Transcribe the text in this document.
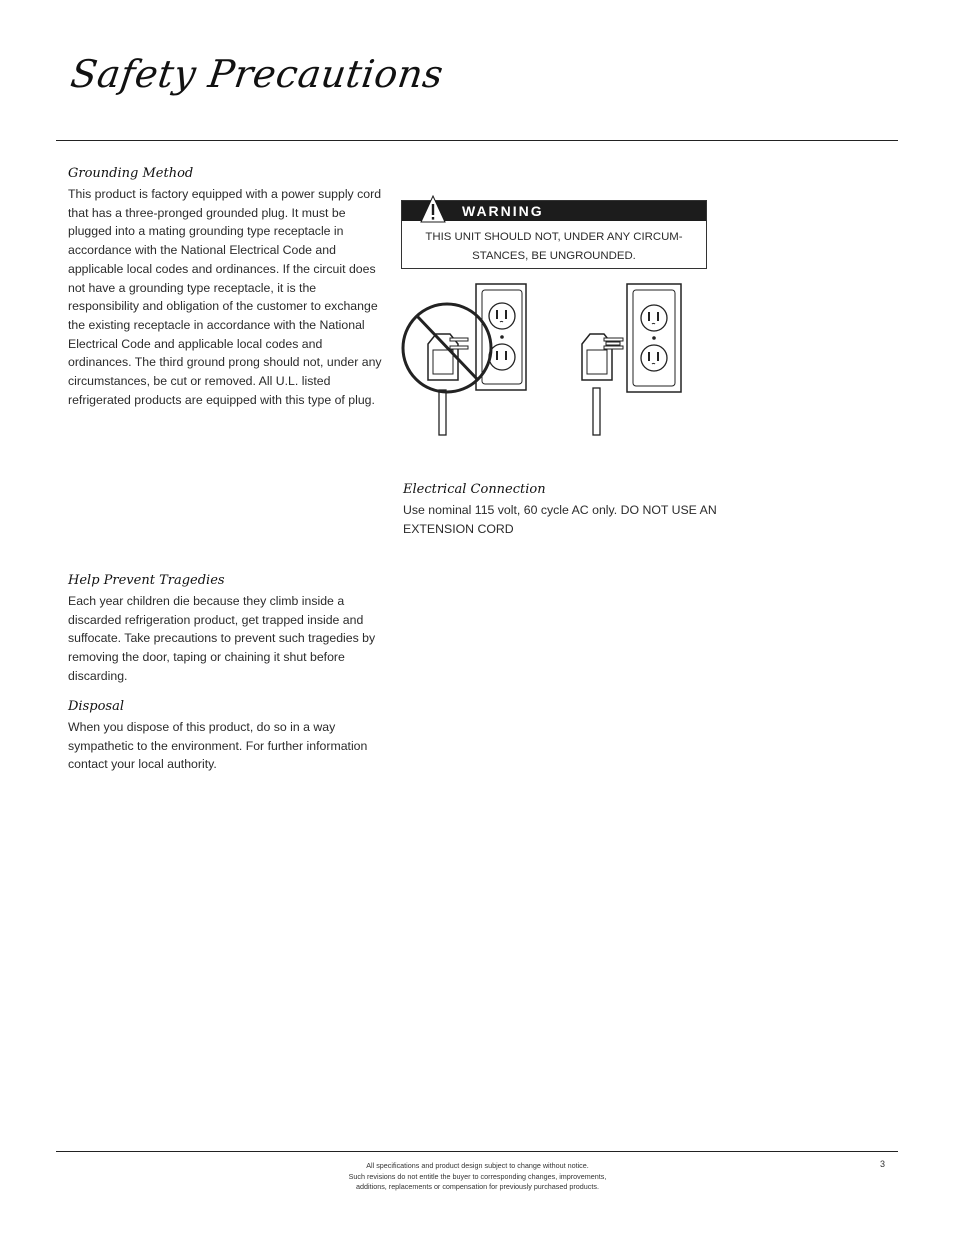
Safety Precautions

Grounding Method

This product is factory equipped with a power supply cord that has a three-pronged grounded plug. It must be plugged into a mating grounding type receptacle in accordance with the National Electrical Code and applicable local codes and ordinances. If the circuit does not have a grounding type receptacle, it is the responsibility and obligation of the customer to exchange the existing receptacle in accordance with the National Electrical Code and applicable local codes and ordinances. The third ground prong should not, under any circumstances, be cut or removed. All U.L. listed refrigerated products are equipped with this type of plug.

WARNING

THIS UNIT SHOULD NOT, UNDER ANY CIRCUM-STANCES, BE UNGROUNDED.

Electrical Connection

Use nominal 115 volt, 60 cycle AC only. DO NOT USE AN EXTENSION CORD

Help Prevent Tragedies

Each year children die because they climb inside a discarded refrigeration product, get trapped inside and suffocate. Take precautions to prevent such tragedies by removing the door, taping or chaining it shut before discarding.

Disposal

When you dispose of this product, do so in a way sympathetic to the environment. For further information contact your local authority.

All specifications and product design subject to change without notice.
Such revisions do not entitle the buyer to corresponding changes, improvements,
additions, replacements or compensation for previously purchased products.
3
